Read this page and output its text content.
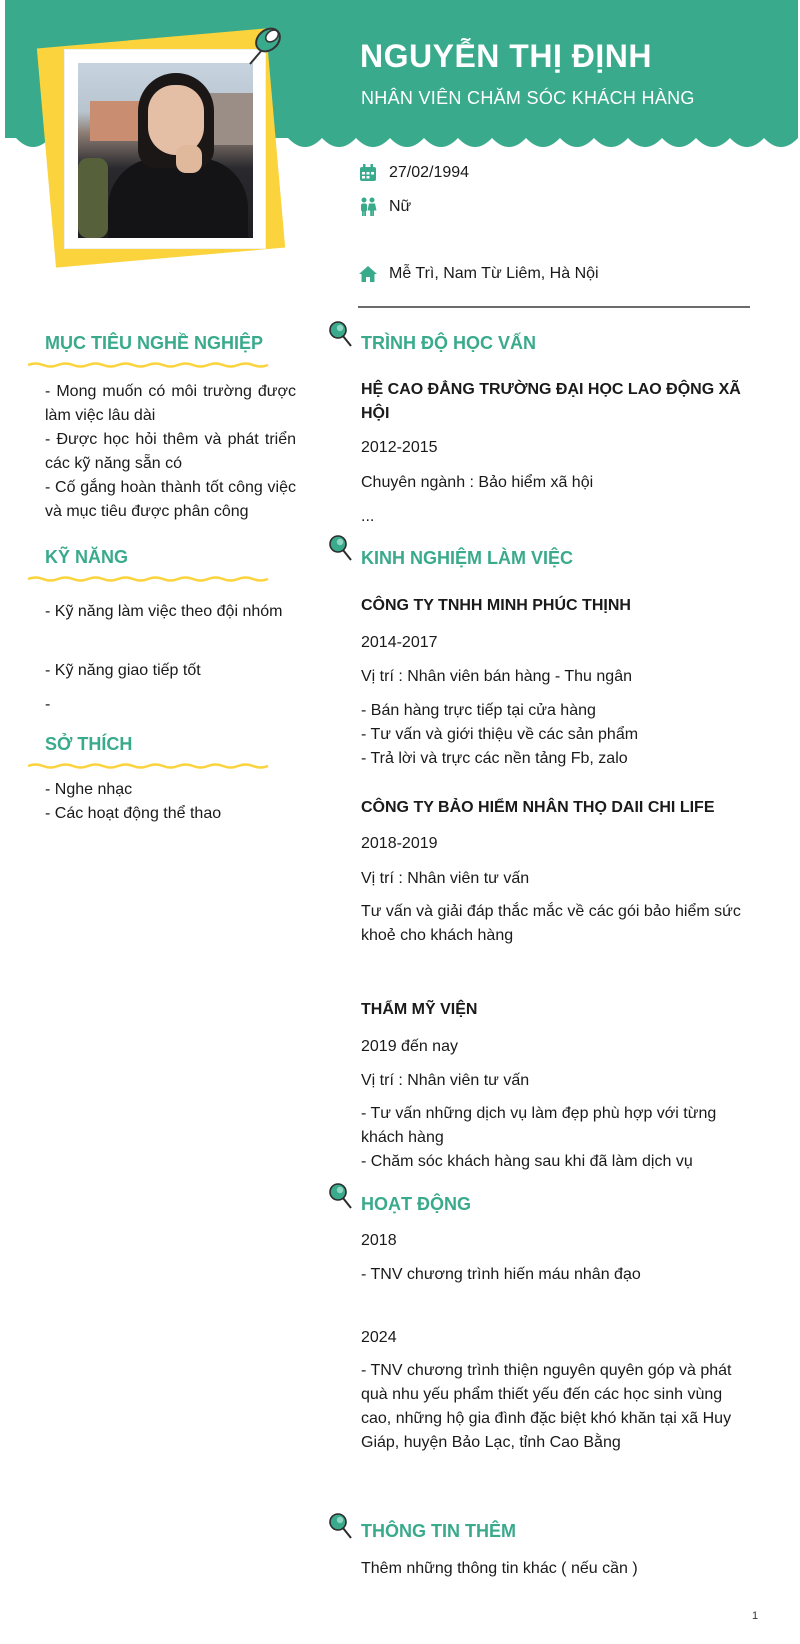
NGUYỄN THỊ ĐỊNH
NHÂN VIÊN CHĂM SÓC KHÁCH HÀNG
27/02/1994
Nữ
Mễ Trì, Nam Từ Liêm, Hà Nội
MỤC TIÊU NGHỀ NGHIỆP

- Mong muốn có môi trường được làm việc lâu dài

- Được học hỏi thêm và phát triển các kỹ năng sẵn có

- Cố gắng hoàn thành tốt công việc và mục tiêu được phân công

KỸ NĂNG
- Kỹ năng làm việc theo đội nhóm
- Kỹ năng giao tiếp tốt
-
SỞ THÍCH

- Nghe nhạc

- Các hoạt động thể thao

TRÌNH ĐỘ HỌC VẤN
HỆ CAO ĐẲNG TRƯỜNG ĐẠI HỌC LAO ĐỘNG XÃ HỘI
2012-2015
Chuyên ngành : Bảo hiểm xã hội
...
KINH NGHIỆM LÀM VIỆC
CÔNG TY TNHH MINH PHÚC THỊNH
2014-2017
Vị trí : Nhân viên bán hàng - Thu ngân

- Bán hàng trực tiếp tại cửa hàng

- Tư vấn và giới thiệu về các sản phẩm

- Trả lời và trực các nền tảng Fb, zalo

CÔNG TY BẢO HIỂM NHÂN THỌ DAII CHI LIFE
2018-2019
Vị trí : Nhân viên tư vấn

Tư vấn và giải đáp thắc mắc về các gói bảo hiểm sức khoẻ cho khách hàng

THẨM MỸ VIỆN
2019 đến nay
Vị trí : Nhân viên tư vấn

- Tư vấn những dịch vụ làm đẹp phù hợp với từng khách hàng

- Chăm sóc khách hàng sau khi đã làm dịch vụ

HOẠT ĐỘNG
2018
- TNV chương trình hiến máu nhân đạo
2024
- TNV chương trình thiện nguyên quyên góp và phát quà nhu yếu phẩm thiết yếu đến các học sinh vùng cao, những hộ gia đình đặc biệt khó khăn tại xã Huy Giáp, huyện Bảo Lạc, tỉnh Cao Bằng
THÔNG TIN THÊM
Thêm những thông tin khác ( nếu cần )
1
